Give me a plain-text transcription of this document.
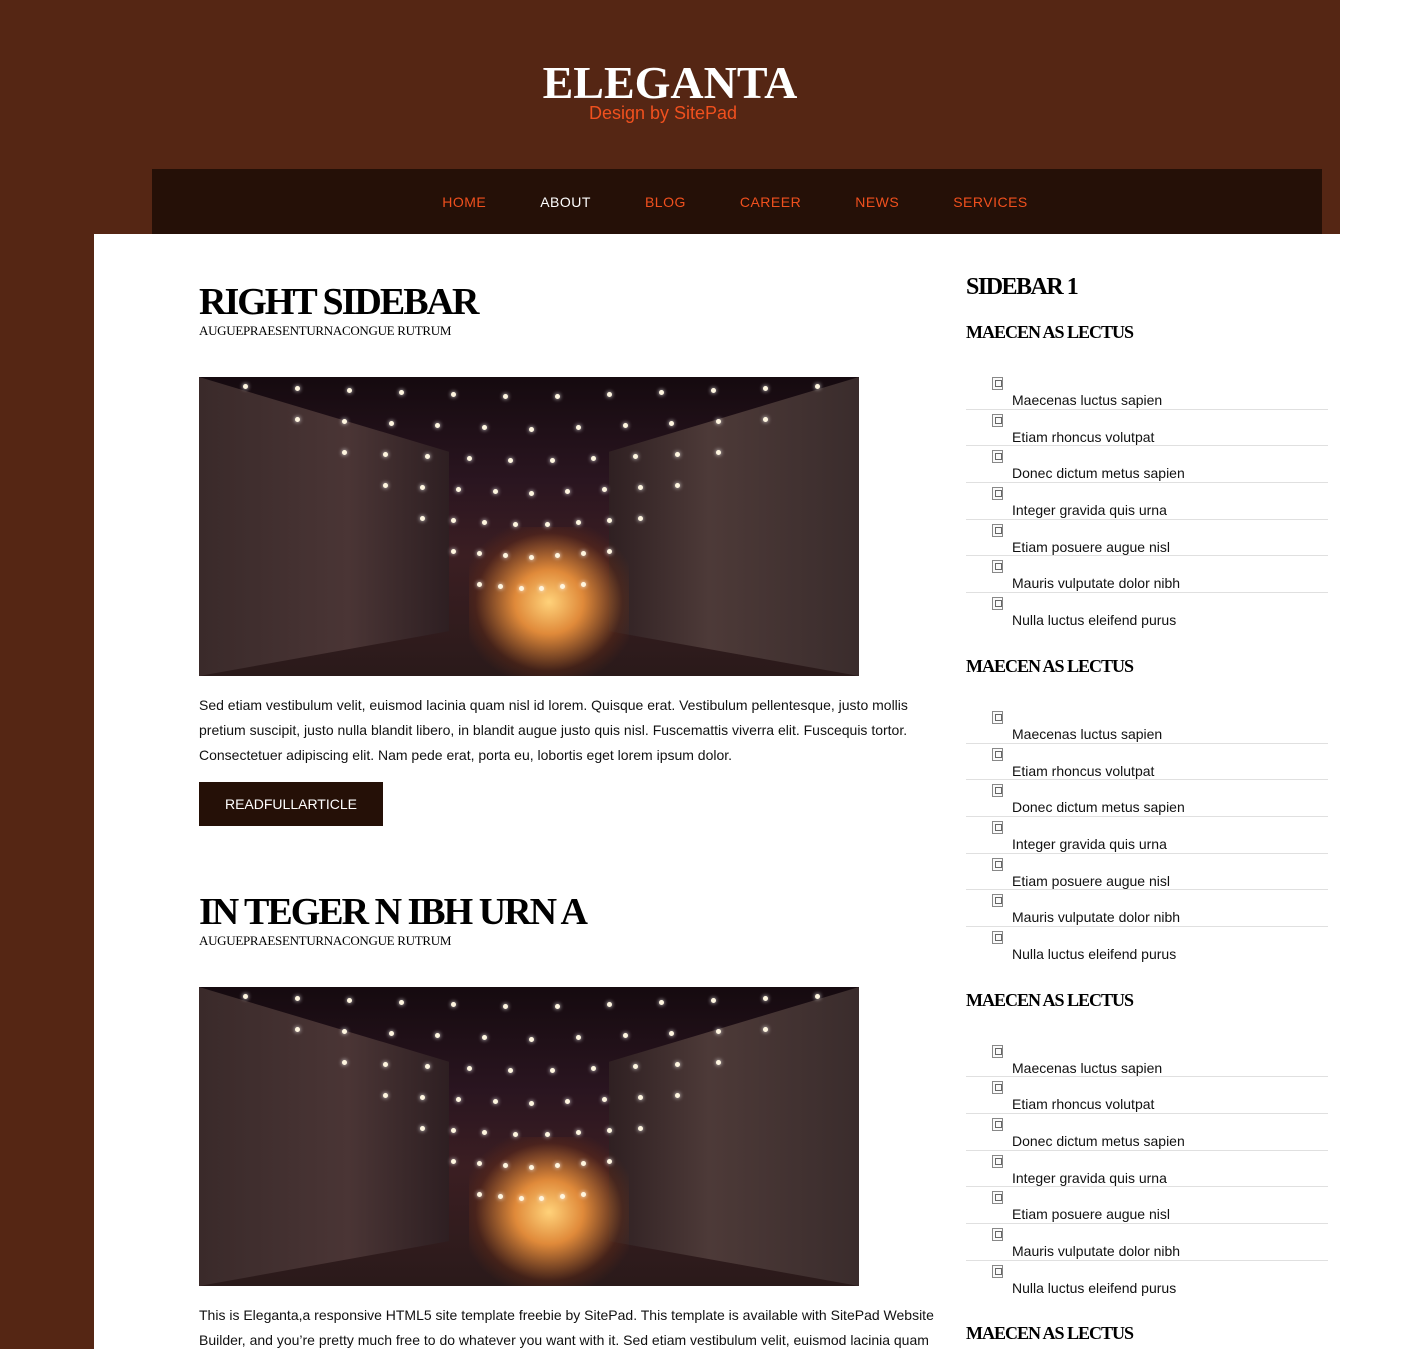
ELEGANTA
Design by SitePad
HOME	ABOUT	BLOG	CAREER	NEWS	SERVICES
RIGHT SIDEBAR
AUGUEPRAESENTURNACONGUE RUTRUM

Sed etiam vestibulum velit, euismod lacinia quam nisl id lorem. Quisque erat. Vestibulum pellentesque, justo mollis pretium suscipit, justo nulla blandit libero, in blandit augue justo quis nisl. Fuscemattis viverra elit. Fuscequis tortor. Consectetuer adipiscing elit. Nam pede erat, porta eu, lobortis eget lorem ipsum dolor.

READFULLARTICLE
IN TEGER N IBH URN A
AUGUEPRAESENTURNACONGUE RUTRUM

This is Eleganta,a responsive HTML5 site template freebie by SitePad. This template is available with SitePad Website Builder, and you’re pretty much free to do whatever you want with it. Sed etiam vestibulum velit, euismod lacinia quam

SIDEBAR 1
MAECEN AS LECTUS
Maecenas luctus sapien
Etiam rhoncus volutpat
Donec dictum metus sapien
Integer gravida quis urna
Etiam posuere augue nisl
Mauris vulputate dolor nibh
Nulla luctus eleifend purus
MAECEN AS LECTUS
Maecenas luctus sapien
Etiam rhoncus volutpat
Donec dictum metus sapien
Integer gravida quis urna
Etiam posuere augue nisl
Mauris vulputate dolor nibh
Nulla luctus eleifend purus
MAECEN AS LECTUS
Maecenas luctus sapien
Etiam rhoncus volutpat
Donec dictum metus sapien
Integer gravida quis urna
Etiam posuere augue nisl
Mauris vulputate dolor nibh
Nulla luctus eleifend purus
MAECEN AS LECTUS
